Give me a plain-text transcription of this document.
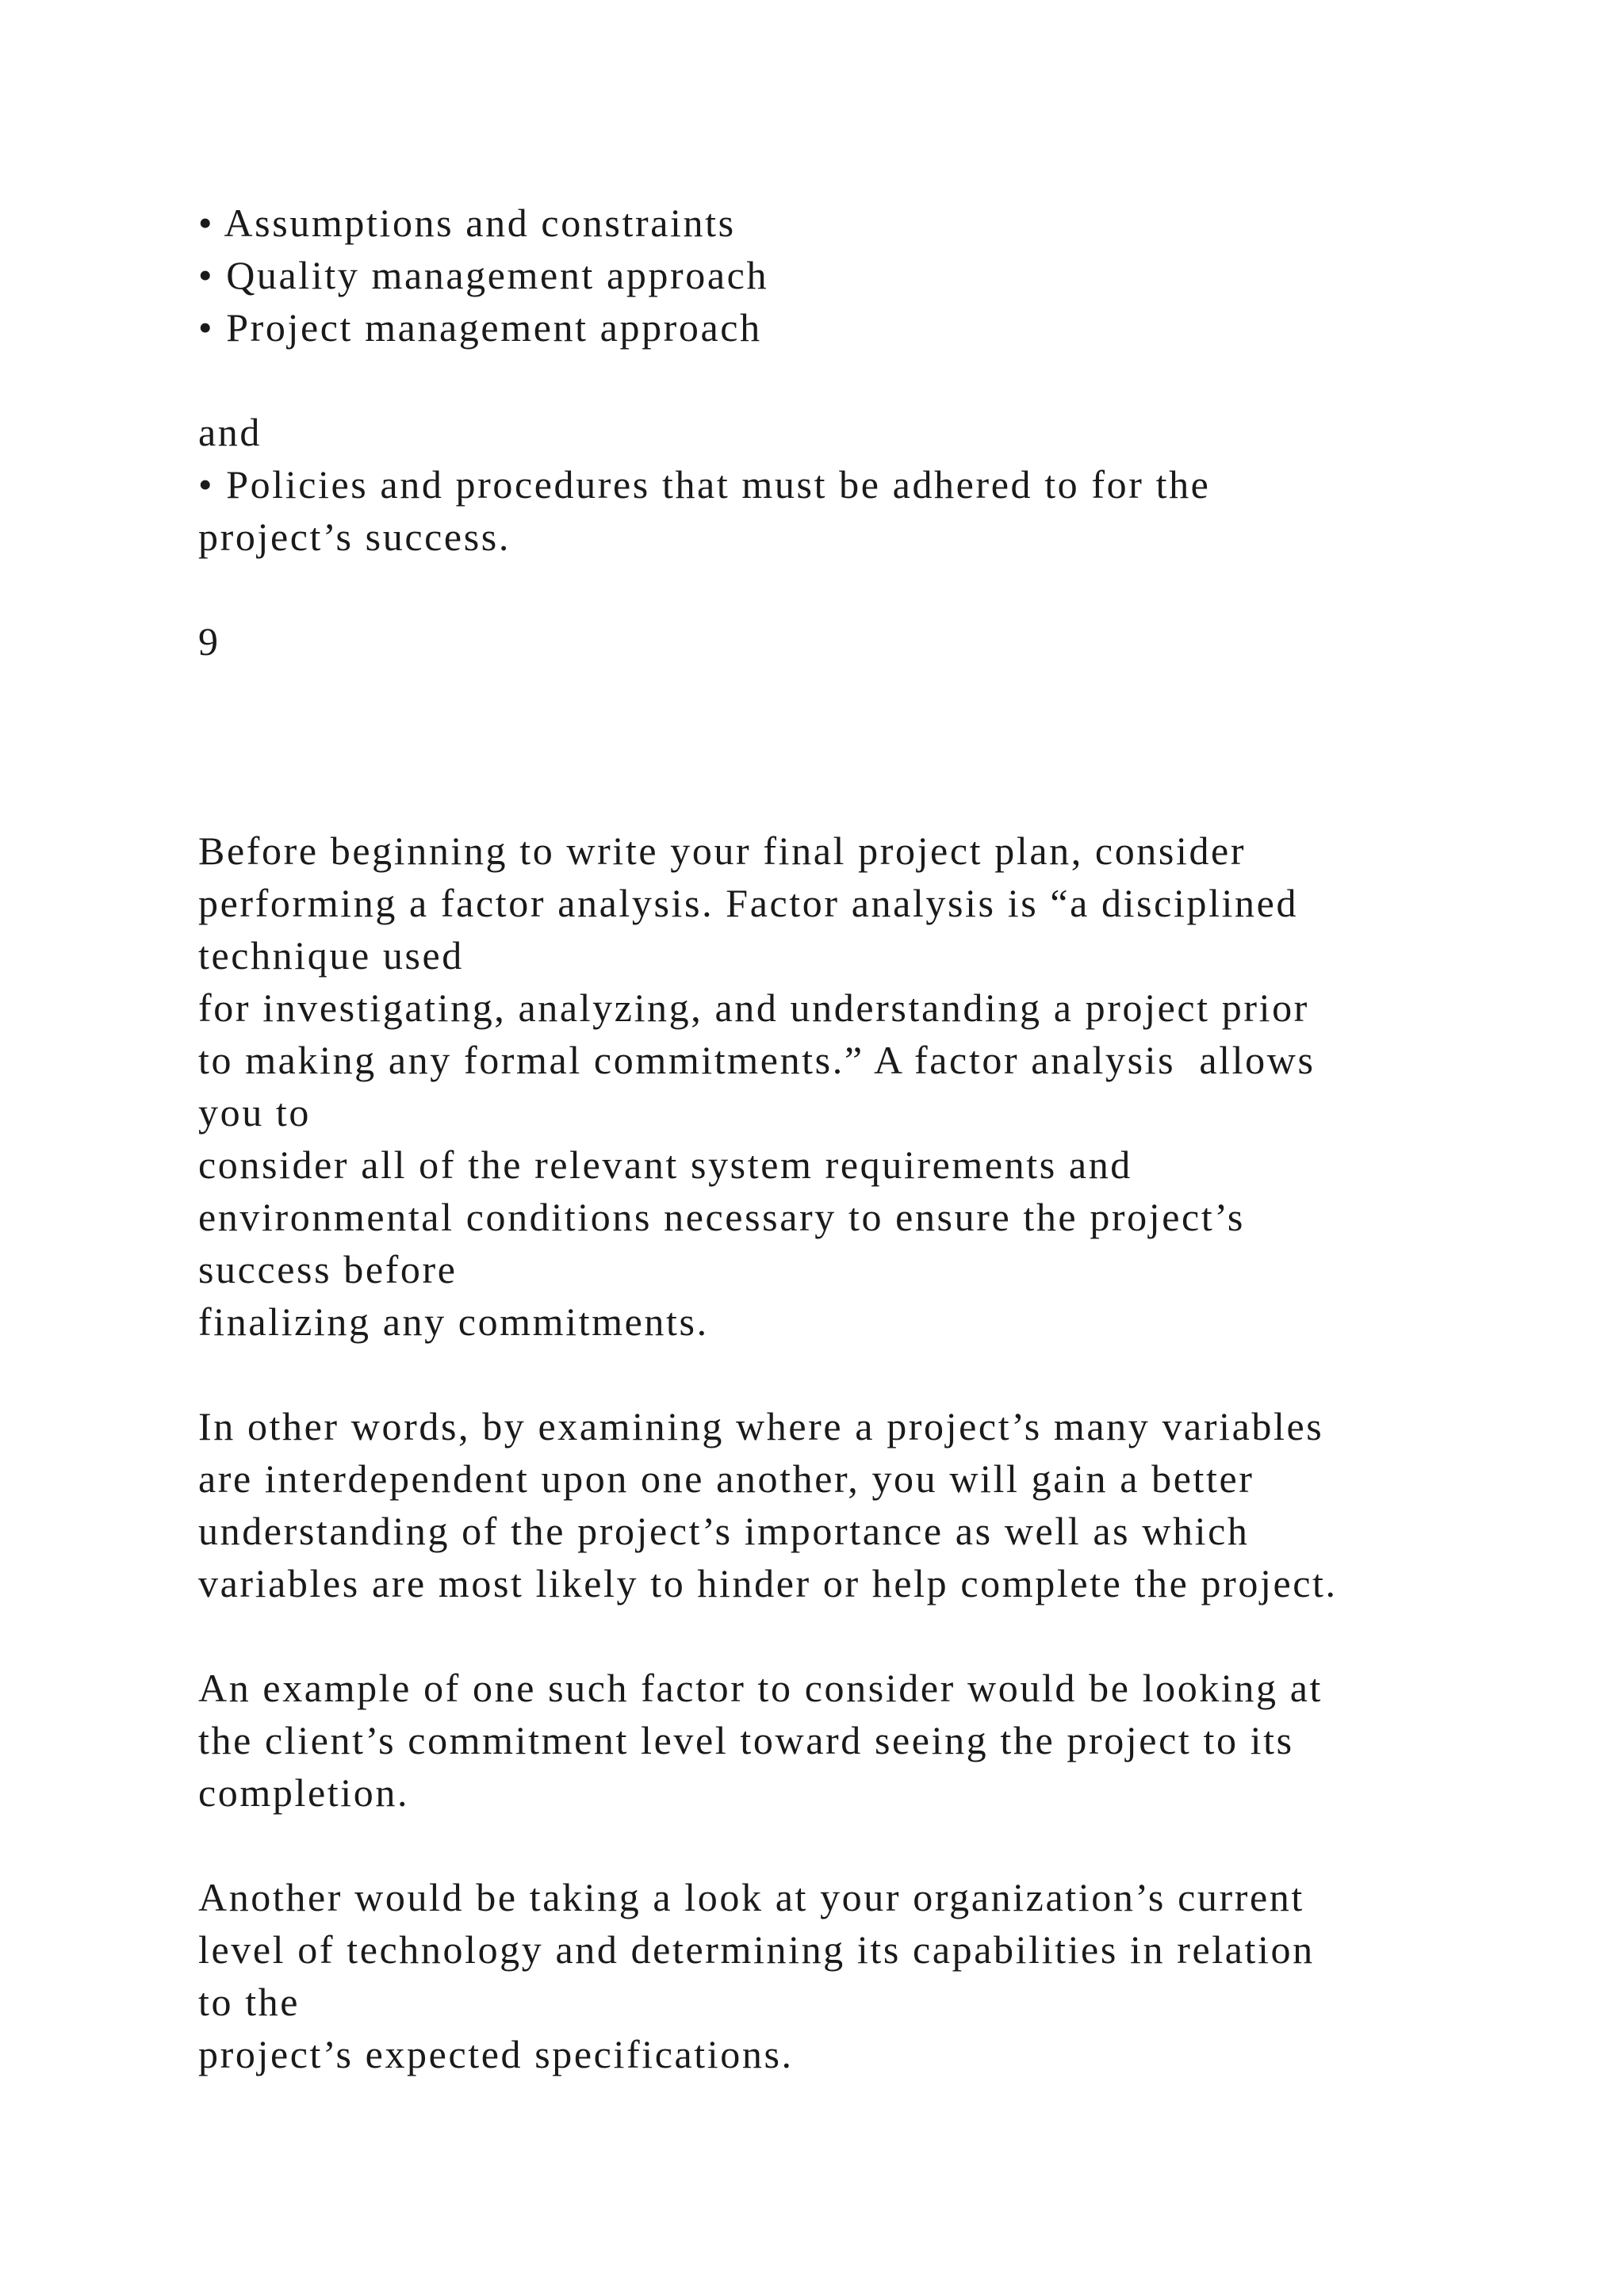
• Assumptions and constraints

• Quality management approach

• Project management approach

and

• Policies and procedures that must be adhered to for the

project’s success.

9

Before beginning to write your final project plan, consider

performing a factor analysis. Factor analysis is “a disciplined

technique used

for investigating, analyzing, and understanding a project prior

to making any formal commitments.” A factor analysis  allows

you to

consider all of the relevant system requirements and

environmental conditions necessary to ensure the project’s

success before

finalizing any commitments.

In other words, by examining where a project’s many variables

are interdependent upon one another, you will gain a better

understanding of the project’s importance as well as which

variables are most likely to hinder or help complete the project.

An example of one such factor to consider would be looking at

the client’s commitment level toward seeing the project to its

completion.

Another would be taking a look at your organization’s current

level of technology and determining its capabilities in relation

to the

project’s expected specifications.
